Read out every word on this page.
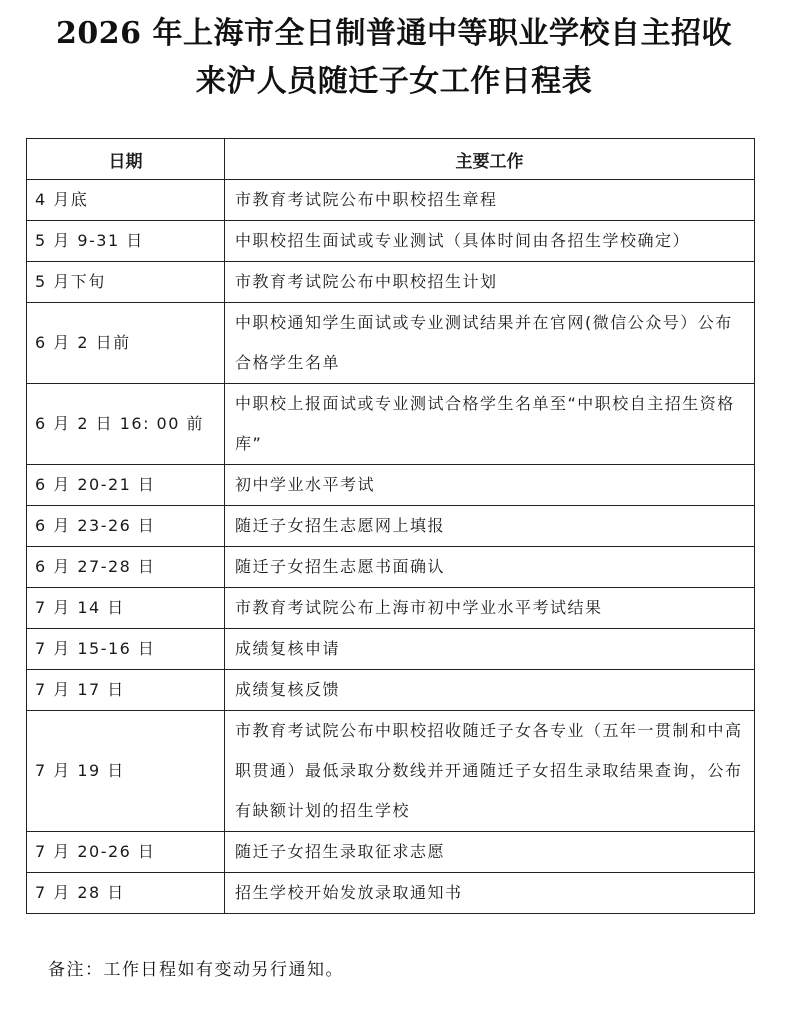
2026 年上海市全日制普通中等职业学校自主招收
来沪人员随迁子女工作日程表
日期	主要工作
4 月底	市教育考试院公布中职校招生章程
5 月 9-31 日	中职校招生面试或专业测试（具体时间由各招生学校确定）
5 月下旬	市教育考试院公布中职校招生计划
6 月 2 日前	中职校通知学生面试或专业测试结果并在官网(微信公众号）公布合格学生名单
6 月 2 日 16: 00 前	中职校上报面试或专业测试合格学生名单至“中职校自主招生资格库”
6 月 20-21 日	初中学业水平考试
6 月 23-26 日	随迁子女招生志愿网上填报
6 月 27-28 日	随迁子女招生志愿书面确认
7 月 14 日	市教育考试院公布上海市初中学业水平考试结果
7 月 15-16 日	成绩复核申请
7 月 17 日	成绩复核反馈
7 月 19 日	市教育考试院公布中职校招收随迁子女各专业（五年一贯制和中高职贯通）最低录取分数线并开通随迁子女招生录取结果查询，公布有缺额计划的招生学校
7 月 20-26 日	随迁子女招生录取征求志愿
7 月 28 日	招生学校开始发放录取通知书
备注：工作日程如有变动另行通知。
